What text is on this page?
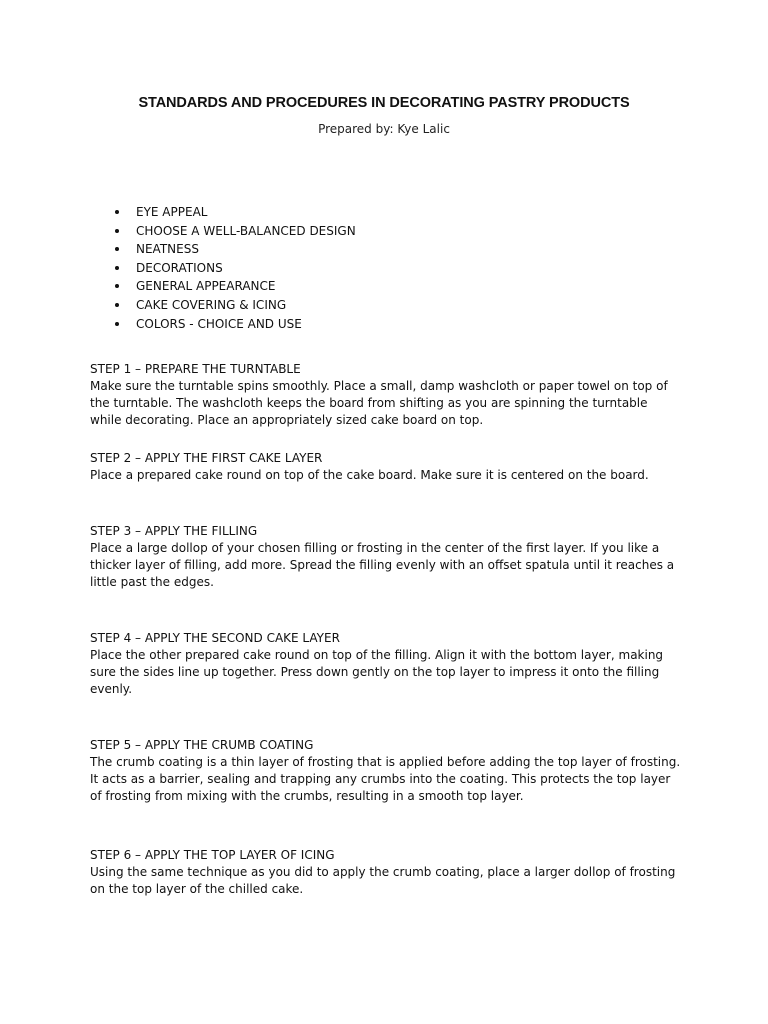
STANDARDS AND PROCEDURES IN DECORATING PASTRY PRODUCTS
Prepared by: Kye Lalic
EYE APPEAL
CHOOSE A WELL-BALANCED DESIGN
NEATNESS
DECORATIONS
GENERAL APPEARANCE
CAKE COVERING & ICING
COLORS - CHOICE AND USE
STEP 1 – PREPARE THE TURNTABLE
Make sure the turntable spins smoothly. Place a small, damp washcloth or paper towel on top of the turntable. The washcloth keeps the board from shifting as you are spinning the turntable while decorating. Place an appropriately sized cake board on top.
STEP 2 – APPLY THE FIRST CAKE LAYER
Place a prepared cake round on top of the cake board. Make sure it is centered on the board.
STEP 3 – APPLY THE FILLING
Place a large dollop of your chosen filling or frosting in the center of the first layer. If you like a thicker layer of filling, add more. Spread the filling evenly with an offset spatula until it reaches a little past the edges.
STEP 4 – APPLY THE SECOND CAKE LAYER
Place the other prepared cake round on top of the filling. Align it with the bottom layer, making sure the sides line up together. Press down gently on the top layer to impress it onto the filling evenly.
STEP 5 – APPLY THE CRUMB COATING
The crumb coating is a thin layer of frosting that is applied before adding the top layer of frosting. It acts as a barrier, sealing and trapping any crumbs into the coating. This protects the top layer of frosting from mixing with the crumbs, resulting in a smooth top layer.
STEP 6 – APPLY THE TOP LAYER OF ICING
Using the same technique as you did to apply the crumb coating, place a larger dollop of frosting on the top layer of the chilled cake.
